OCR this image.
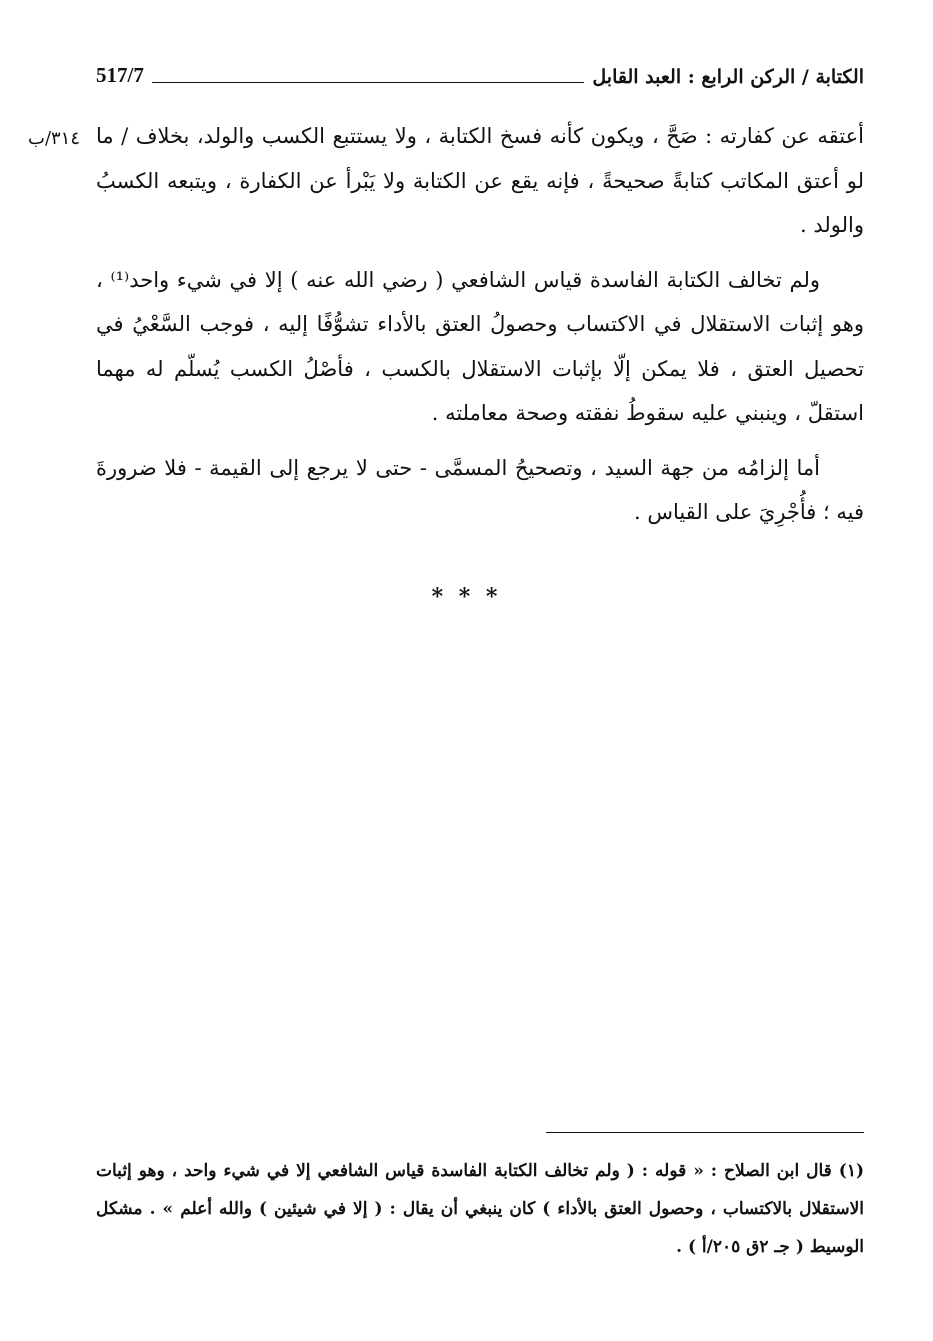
الكتابة / الركن الرابع : العبد القابل
517/7
٣١٤/ب أعتقه عن كفارته : صَحَّ ، ويكون كأنه فسخ الكتابة ، ولا يستتبع الكسب والولد، بخلاف / ما لو أعتق المكاتب كتابةً صحيحةً ، فإنه يقع عن الكتابة ولا يَبْرأ عن الكفارة ، ويتبعه الكسبُ والولد .

ولم تخالف الكتابة الفاسدة قياس الشافعي ( رضي الله عنه ) إلا في شيء واحد⁽¹⁾ ، وهو إثبات الاستقلال في الاكتساب وحصولُ العتق بالأداء تشوُّفًا إليه ، فوجب السَّعْيُ في تحصيل العتق ، فلا يمكن إلّا بإثبات الاستقلال بالكسب ، فأصْلُ الكسب يُسلّم له مهما استقلّ ، وينبني عليه سقوطُ نفقته وصحة معاملته .

أما إلزامُه من جهة السيد ، وتصحيحُ المسمَّى - حتى لا يرجع إلى القيمة - فلا ضرورةَ فيه ؛ فأُجْرِيَ على القياس .

* * *

(١) قال ابن الصلاح : « قوله : ( ولم تخالف الكتابة الفاسدة قياس الشافعي إلا في شيء واحد ، وهو إثبات الاستقلال بالاكتساب ، وحصول العتق بالأداء ) كان ينبغي أن يقال : ( إلا في شيئين ) والله أعلم » . مشكل الوسيط ( جـ ٢ق ٢٠٥/أ ) .
